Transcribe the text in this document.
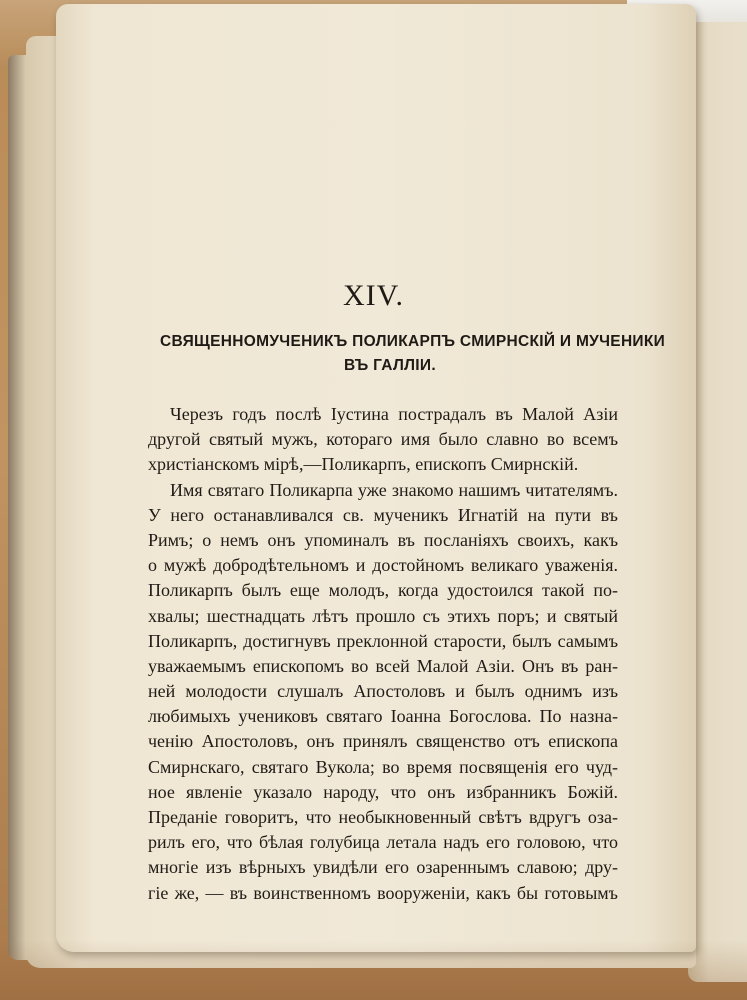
XIV.
СВЯЩЕННОМУЧЕНИКЪ ПОЛИКАРПЪ СМИРНСКІЙ И МУЧЕНИКИ
ВЪ ГАЛЛІИ.
Черезъ годъ послѣ Іустина пострадалъ въ Малой Азіи
другой святый мужъ, котораго имя было славно во всемъ
христіанскомъ мірѣ,—Поликарпъ, епископъ Смирнскій.
Имя святаго Поликарпа уже знакомо нашимъ читателямъ.
У него останавливался св. мученикъ Игнатій на пути въ
Римъ; о немъ онъ упоминалъ въ посланіяхъ своихъ, какъ
о мужѣ добродѣтельномъ и достойномъ великаго уваженія.
Поликарпъ былъ еще молодъ, когда удостоился такой по-
хвалы; шестнадцать лѣтъ прошло съ этихъ поръ; и святый
Поликарпъ, достигнувъ преклонной старости, былъ самымъ
уважаемымъ епископомъ во всей Малой Азіи. Онъ въ ран-
ней молодости слушалъ Апостоловъ и былъ однимъ изъ
любимыхъ учениковъ святаго Іоанна Богослова. По назна-
ченію Апостоловъ, онъ принялъ священство отъ епископа
Смирнскаго, святаго Вукола; во время посвященія его чуд-
ное явленіе указало народу, что онъ избранникъ Божій.
Преданіе говоритъ, что необыкновенный свѣтъ вдругъ оза-
рилъ его, что бѣлая голубица летала надъ его головою, что
многіе изъ вѣрныхъ увидѣли его озареннымъ славою; дру-
гіе же, — въ воинственномъ вооруженіи, какъ бы готовымъ
